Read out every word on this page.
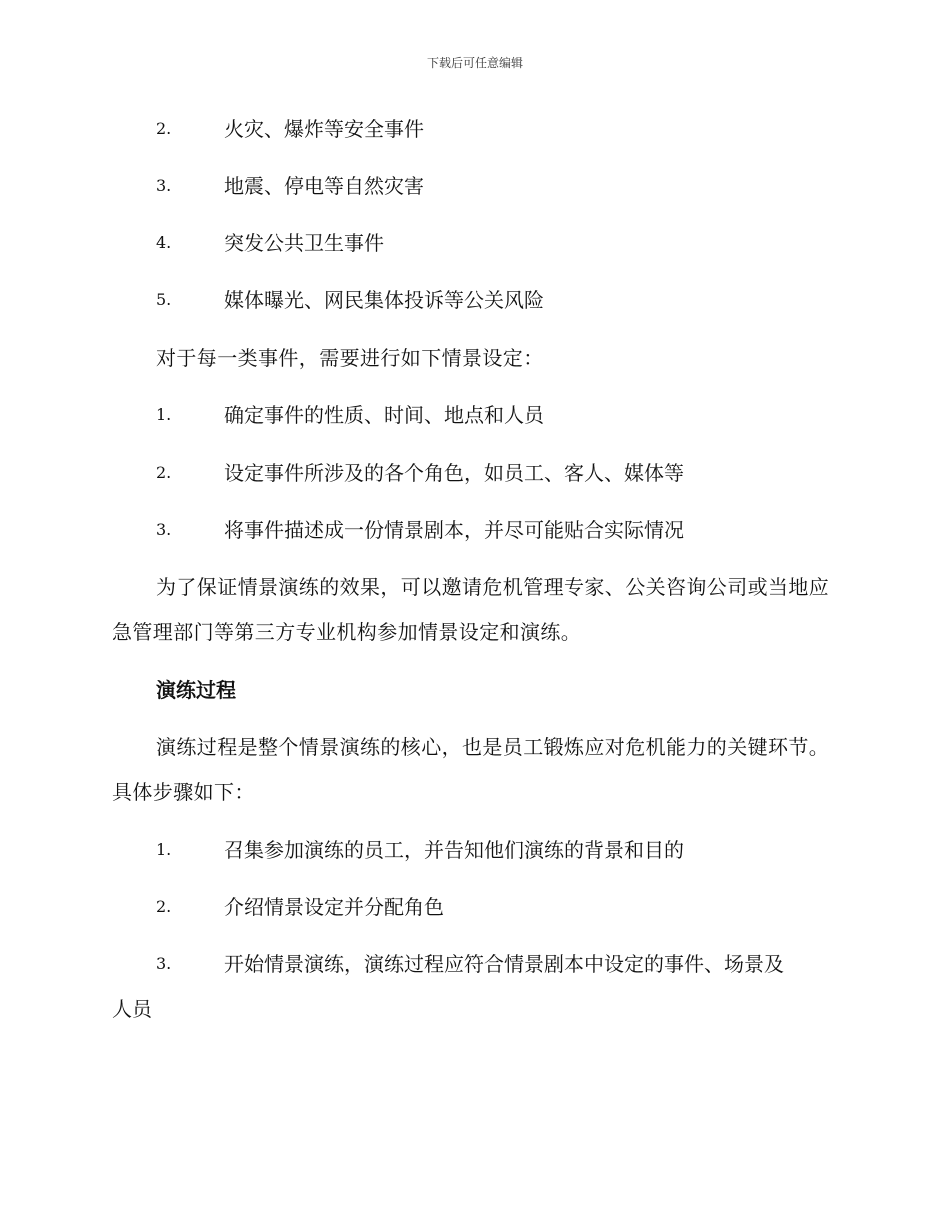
下载后可任意编辑
2.	火灾、爆炸等安全事件
3.	地震、停电等自然灾害
4.	突发公共卫生事件
5.	媒体曝光、网民集体投诉等公关风险
对于每一类事件，需要进行如下情景设定：
1.	确定事件的性质、时间、地点和人员
2.	设定事件所涉及的各个角色，如员工、客人、媒体等
3.	将事件描述成一份情景剧本，并尽可能贴合实际情况
为了保证情景演练的效果，可以邀请危机管理专家、公关咨询公司或当地应急管理部门等第三方专业机构参加情景设定和演练。
演练过程
演练过程是整个情景演练的核心，也是员工锻炼应对危机能力的关键环节。具体步骤如下：
1.	召集参加演练的员工，并告知他们演练的背景和目的
2.	介绍情景设定并分配角色
3.	开始情景演练，演练过程应符合情景剧本中设定的事件、场景及
人员
